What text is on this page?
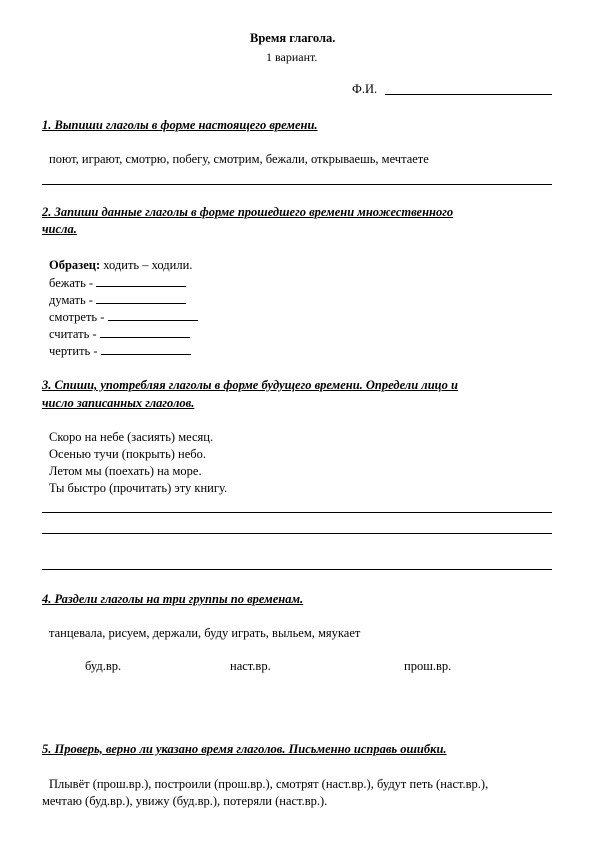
Время глагола.
1 вариант.
Ф.И.
1. Выпиши глаголы в форме настоящего времени.
поют, играют, смотрю, побегу, смотрим, бежали, открываешь, мечтаете
2. Запиши данные глаголы в форме прошедшего времени множественного
числа.
Образец: ходить – ходили.
бежать -
думать -
смотреть -
считать -
чертить -
3. Спиши, употребляя глаголы в форме будущего времени. Определи лицо и
число записанных глаголов.
Скоро на небе (засиять) месяц.
Осенью тучи (покрыть) небо.
Летом мы (поехать) на море.
Ты быстро (прочитать) эту книгу.
4. Раздели глаголы на три группы по временам.
танцевала, рисуем, держали, буду играть, выльем, мяукает
буд.вр.	наст.вр.	прош.вр.
5. Проверь, верно ли указано время глаголов. Письменно исправь ошибки.
Плывёт (прош.вр.), построили (прош.вр.), смотрят (наст.вр.), будут петь (наст.вр.),
мечтаю (буд.вр.), увижу (буд.вр.), потеряли (наст.вр.).
